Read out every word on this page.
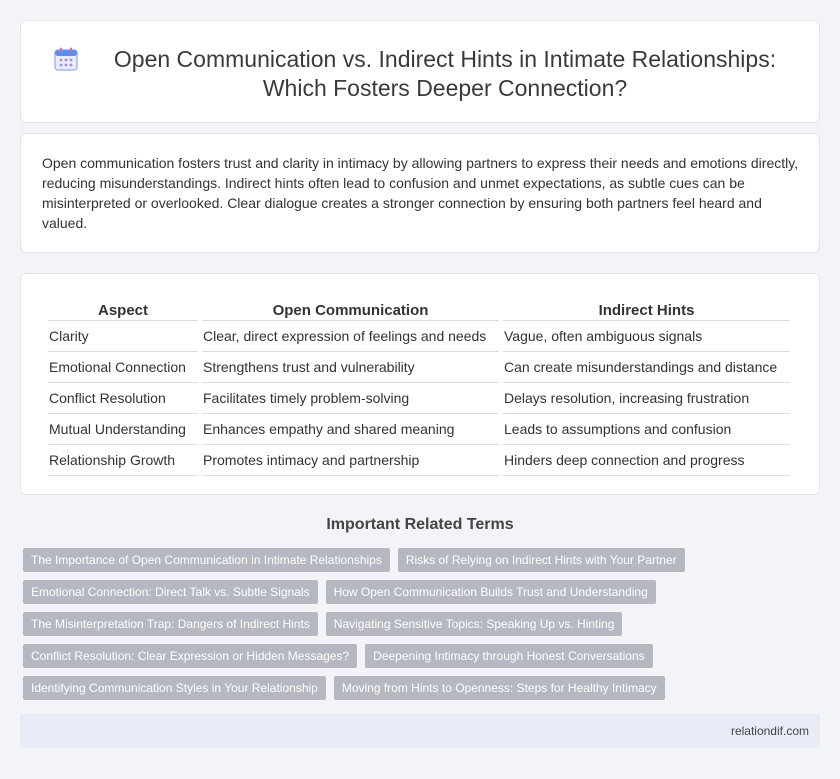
Open Communication vs. Indirect Hints in Intimate Relationships: Which Fosters Deeper Connection?

Open communication fosters trust and clarity in intimacy by allowing partners to express their needs and emotions directly, reducing misunderstandings. Indirect hints often lead to confusion and unmet expectations, as subtle cues can be misinterpreted or overlooked. Clear dialogue creates a stronger connection by ensuring both partners feel heard and valued.

Aspect	Open Communication	Indirect Hints
Clarity	Clear, direct expression of feelings and needs	Vague, often ambiguous signals
Emotional Connection	Strengthens trust and vulnerability	Can create misunderstandings and distance
Conflict Resolution	Facilitates timely problem-solving	Delays resolution, increasing frustration
Mutual Understanding	Enhances empathy and shared meaning	Leads to assumptions and confusion
Relationship Growth	Promotes intimacy and partnership	Hinders deep connection and progress
Important Related Terms
The Importance of Open Communication in Intimate Relationships	Risks of Relying on Indirect Hints with Your Partner
Emotional Connection: Direct Talk vs. Subtle Signals	How Open Communication Builds Trust and Understanding
The Misinterpretation Trap: Dangers of Indirect Hints	Navigating Sensitive Topics: Speaking Up vs. Hinting
Conflict Resolution: Clear Expression or Hidden Messages?	Deepening Intimacy through Honest Conversations
Identifying Communication Styles in Your Relationship	Moving from Hints to Openness: Steps for Healthy Intimacy
relationdif.com
